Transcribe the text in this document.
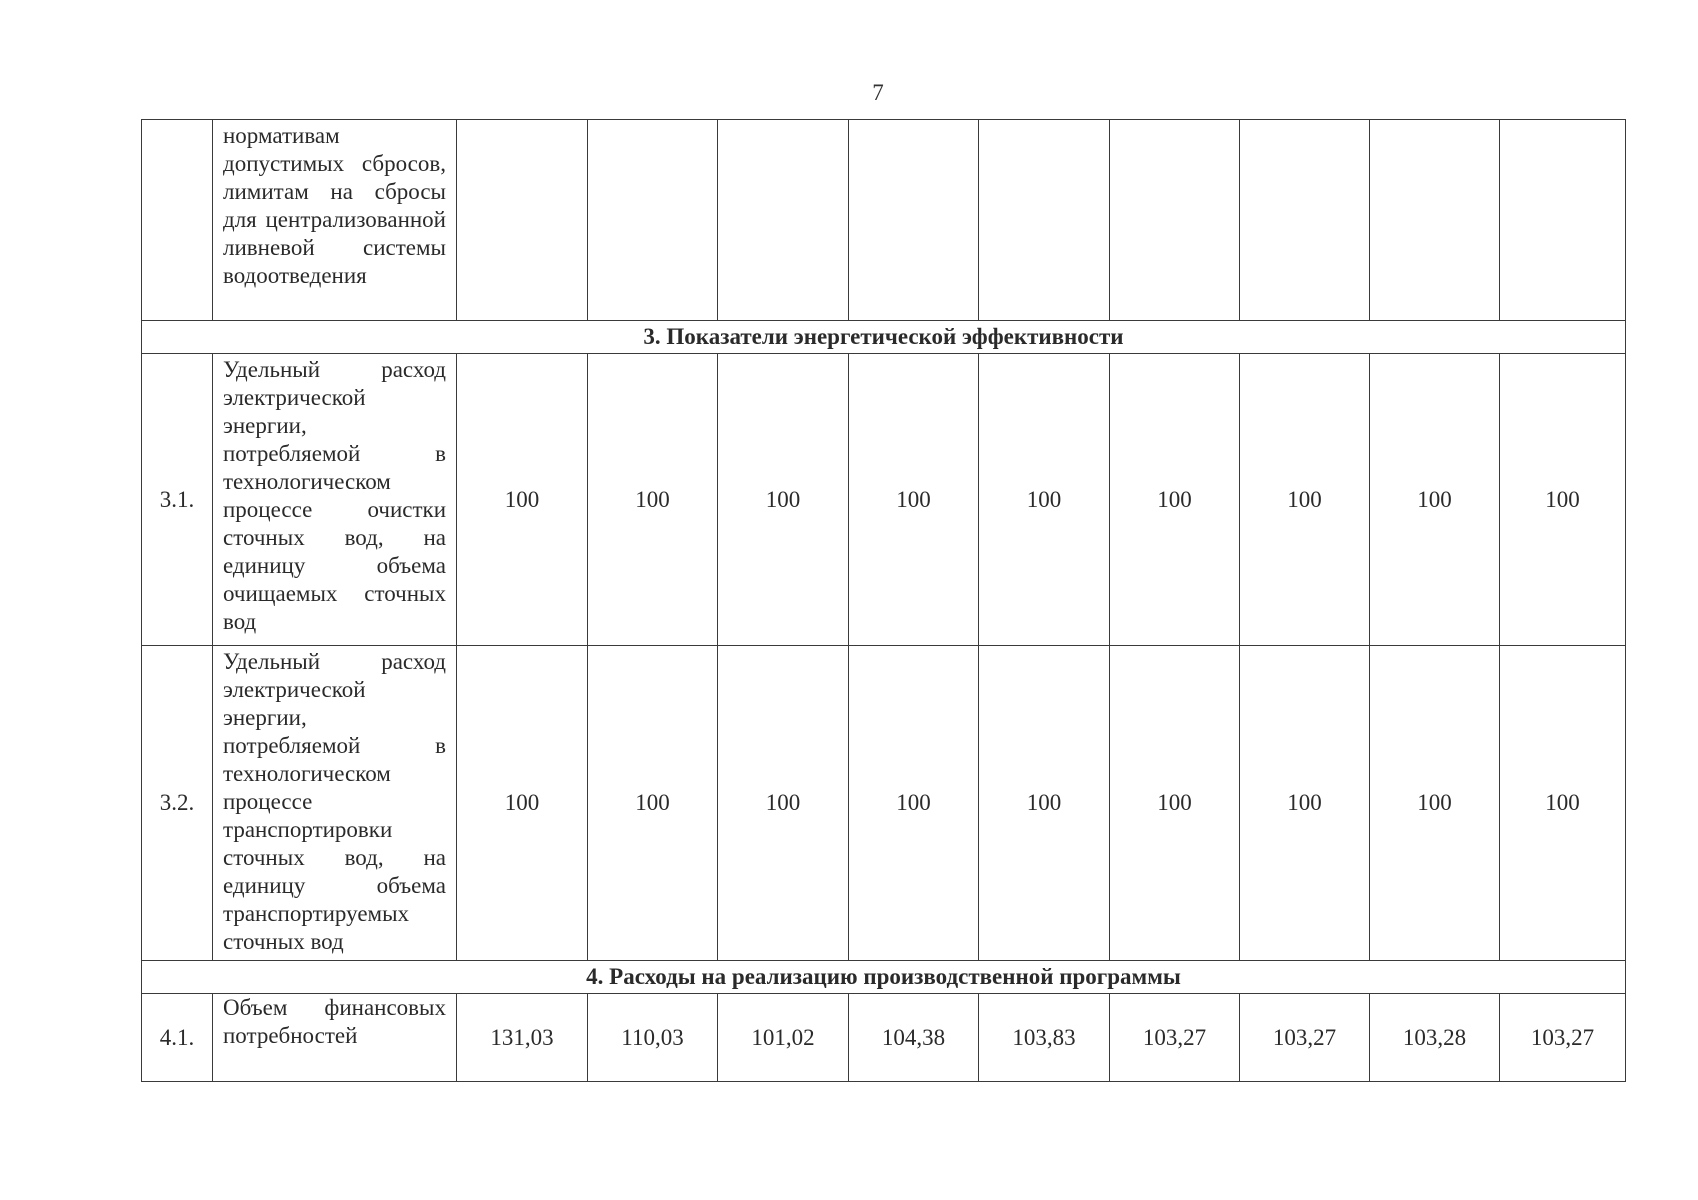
7
	нормативам допустимых сбросов, лимитам на сбросы для централизованной ливневой системы водоотведения									
3. Показатели энергетической эффективности										
3.1.	Удельный расход электрической энергии, потребляемой в технологическом процессе очистки сточных вод, на единицу объема очищаемых сточных вод	100	100	100	100	100	100	100	100	100
3.2.	Удельный расход электрической энергии, потребляемой в технологическом процессе транспортировки сточных вод, на единицу объема транспортируемых сточных вод	100	100	100	100	100	100	100	100	100
4. Расходы на реализацию производственной программы										
4.1.	Объем финансовых потребностей	131,03	110,03	101,02	104,38	103,83	103,27	103,27	103,28	103,27
